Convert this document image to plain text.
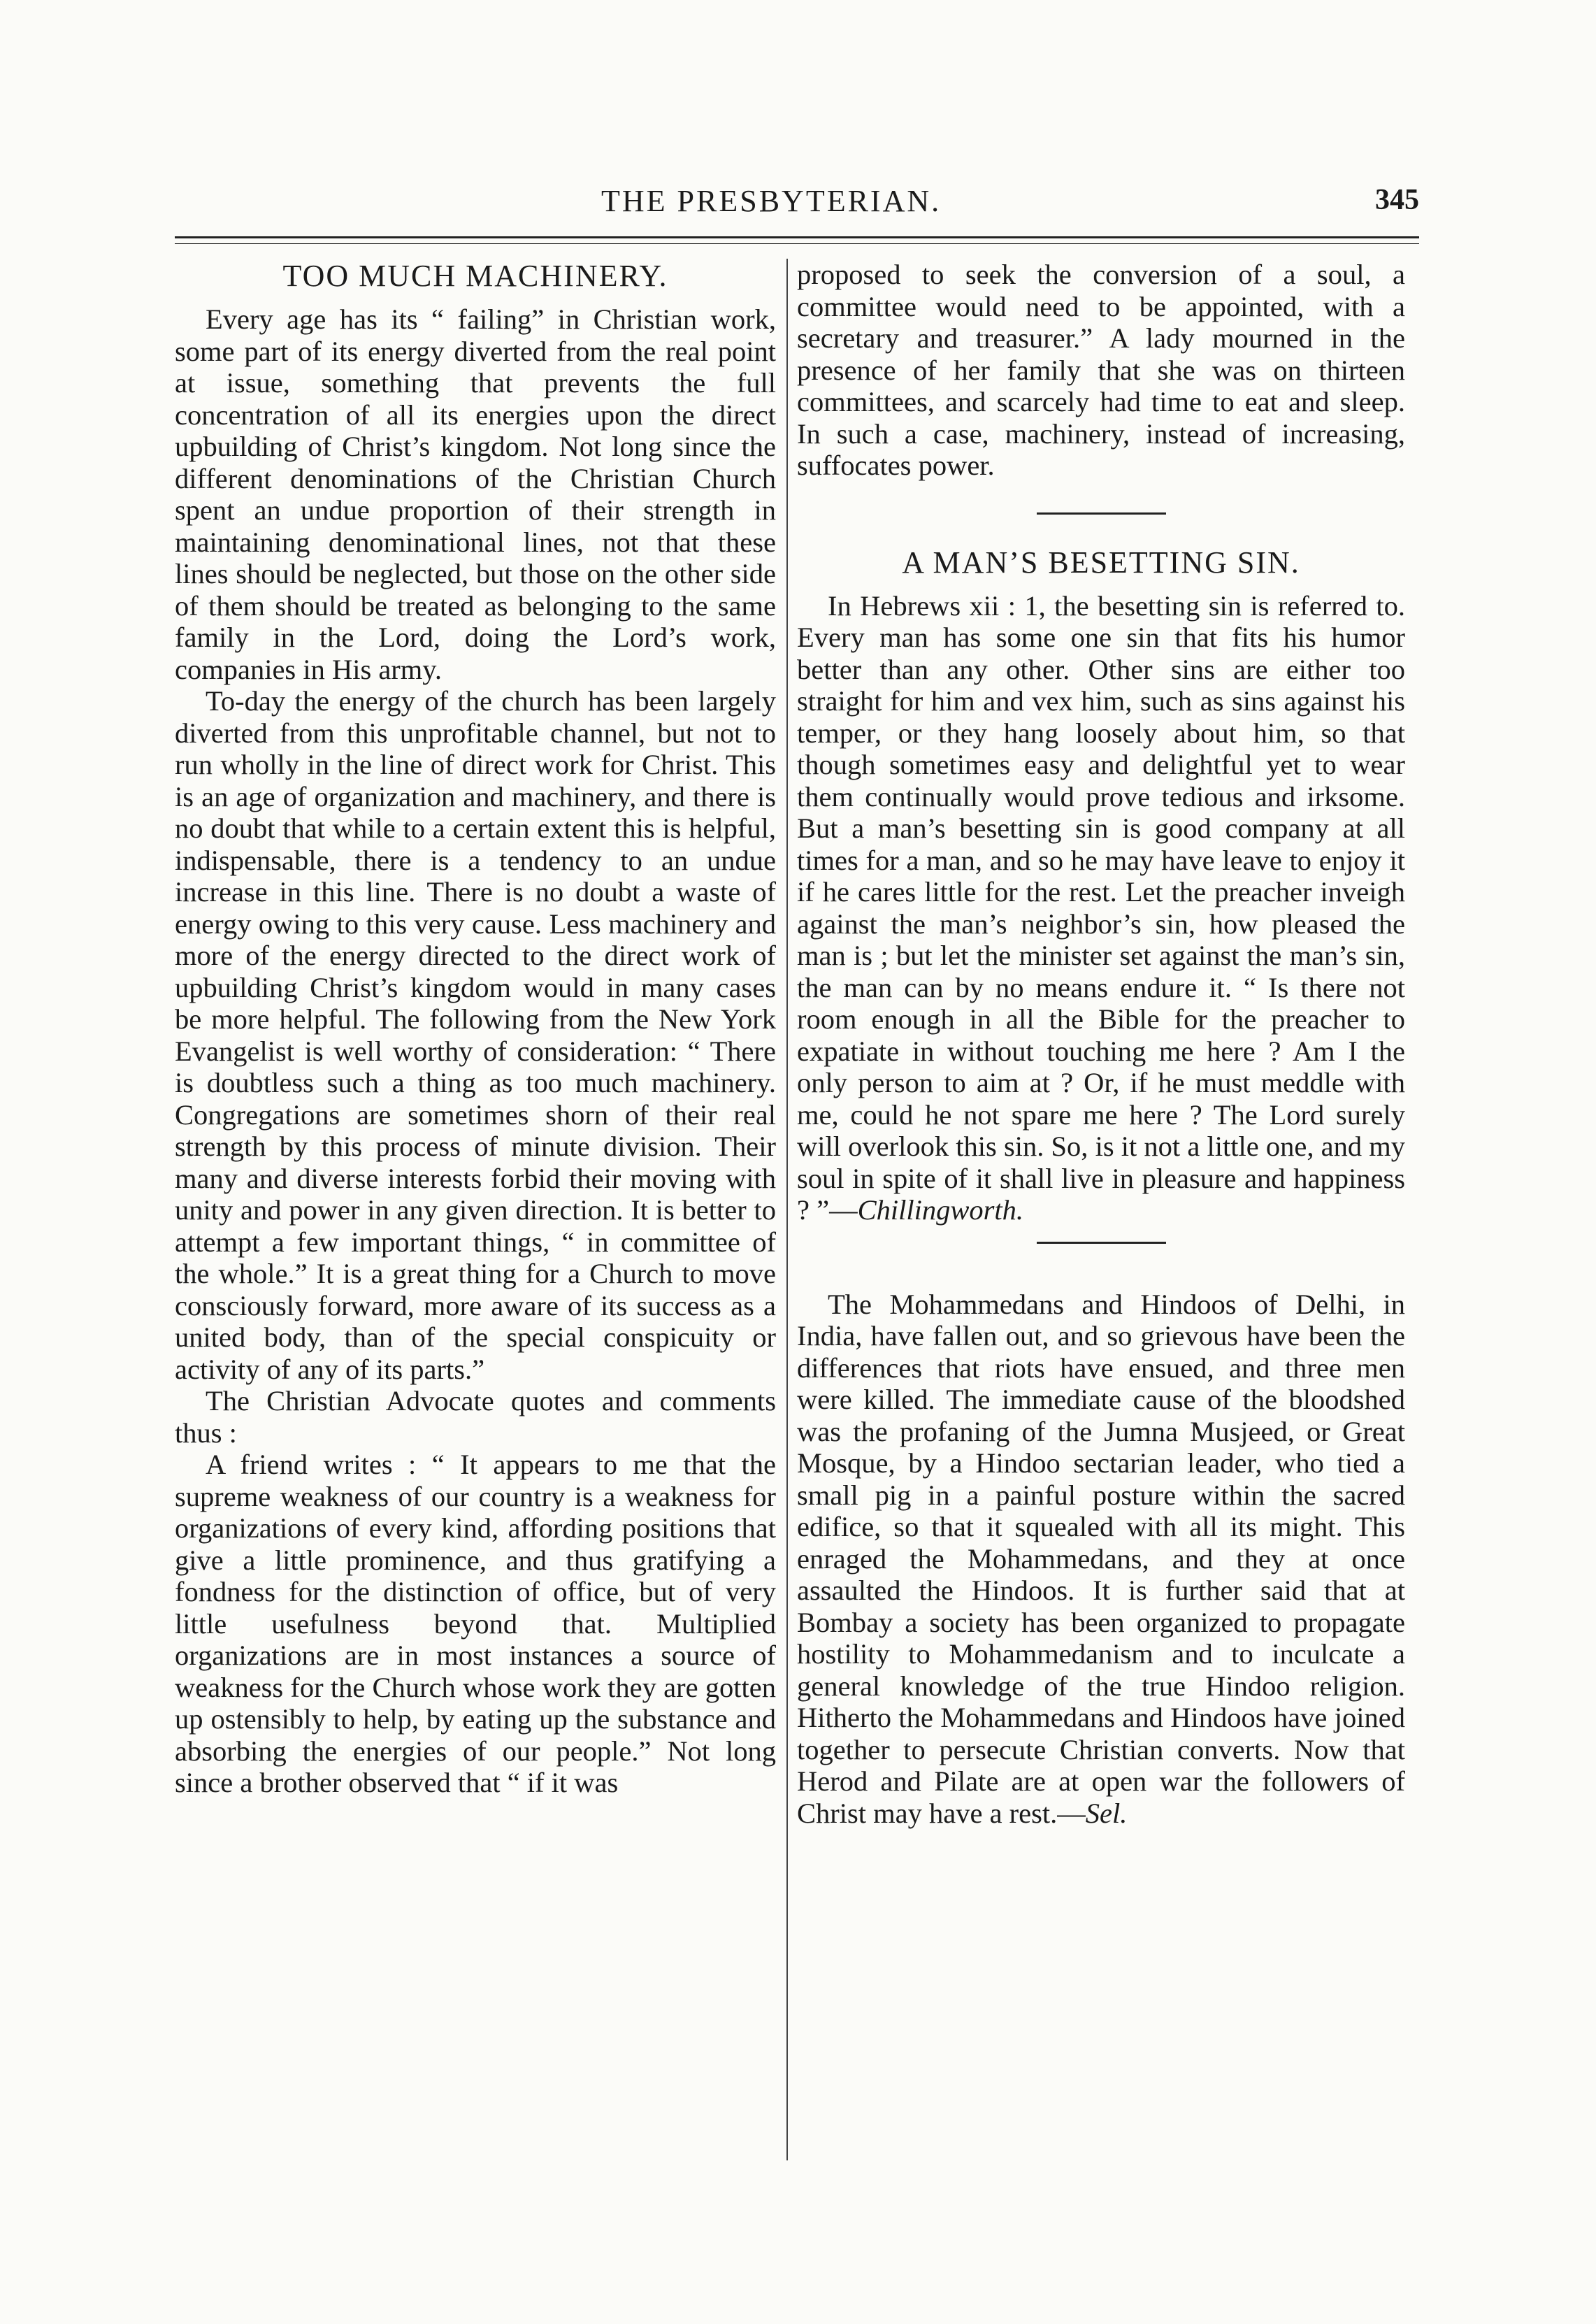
THE PRESBYTERIAN.	345
TOO MUCH MACHINERY.

Every age has its “ failing” in Christian work, some part of its energy diverted from the real point at issue, something that prevents the full concentration of all its energies upon the direct upbuilding of Christ’s kingdom. Not long since the different denominations of the Christian Church spent an undue proportion of their strength in maintaining denominational lines, not that these lines should be neglected, but those on the other side of them should be treated as belonging to the same family in the Lord, doing the Lord’s work, companies in His army.

To-day the energy of the church has been largely diverted from this unprofitable channel, but not to run wholly in the line of direct work for Christ. This is an age of organization and machinery, and there is no doubt that while to a certain extent this is helpful, indispensable, there is a tendency to an undue increase in this line. There is no doubt a waste of energy owing to this very cause. Less machinery and more of the energy directed to the direct work of upbuilding Christ’s kingdom would in many cases be more helpful. The following from the New York Evangelist is well worthy of consideration: “ There is doubtless such a thing as too much machinery. Congregations are sometimes shorn of their real strength by this process of minute division. Their many and diverse interests forbid their moving with unity and power in any given direction. It is better to attempt a few important things, “ in committee of the whole.” It is a great thing for a Church to move consciously forward, more aware of its success as a united body, than of the special conspicuity or activity of any of its parts.”

The Christian Advocate quotes and comments thus :

A friend writes : “ It appears to me that the supreme weakness of our country is a weakness for organizations of every kind, affording positions that give a little prominence, and thus gratifying a fondness for the distinction of office, but of very little usefulness beyond that. Multiplied organizations are in most instances a source of weakness for the Church whose work they are gotten up ostensibly to help, by eating up the substance and absorbing the energies of our people.” Not long since a brother observed that “ if it was

proposed to seek the conversion of a soul, a committee would need to be appointed, with a secretary and treasurer.” A lady mourned in the presence of her family that she was on thirteen committees, and scarcely had time to eat and sleep. In such a case, machinery, instead of increasing, suffocates power.

A MAN’S BESETTING SIN.

In Hebrews xii : 1, the besetting sin is referred to. Every man has some one sin that fits his humor better than any other. Other sins are either too straight for him and vex him, such as sins against his temper, or they hang loosely about him, so that though sometimes easy and delightful yet to wear them continually would prove tedious and irksome. But a man’s besetting sin is good company at all times for a man, and so he may have leave to enjoy it if he cares little for the rest. Let the preacher inveigh against the man’s neighbor’s sin, how pleased the man is ; but let the minister set against the man’s sin, the man can by no means endure it. “ Is there not room enough in all the Bible for the preacher to expatiate in without touching me here ? Am I the only person to aim at ? Or, if he must meddle with me, could he not spare me here ? The Lord surely will overlook this sin. So, is it not a little one, and my soul in spite of it shall live in pleasure and happiness ? ”—Chillingworth.

The Mohammedans and Hindoos of Delhi, in India, have fallen out, and so grievous have been the differences that riots have ensued, and three men were killed. The immediate cause of the bloodshed was the profaning of the Jumna Musjeed, or Great Mosque, by a Hindoo sectarian leader, who tied a small pig in a painful posture within the sacred edifice, so that it squealed with all its might. This enraged the Mohammedans, and they at once assaulted the Hindoos. It is further said that at Bombay a society has been organized to propagate hostility to Mohammedanism and to inculcate a general knowledge of the true Hindoo religion. Hitherto the Mohammedans and Hindoos have joined together to persecute Christian converts. Now that Herod and Pilate are at open war the followers of Christ may have a rest.—Sel.
